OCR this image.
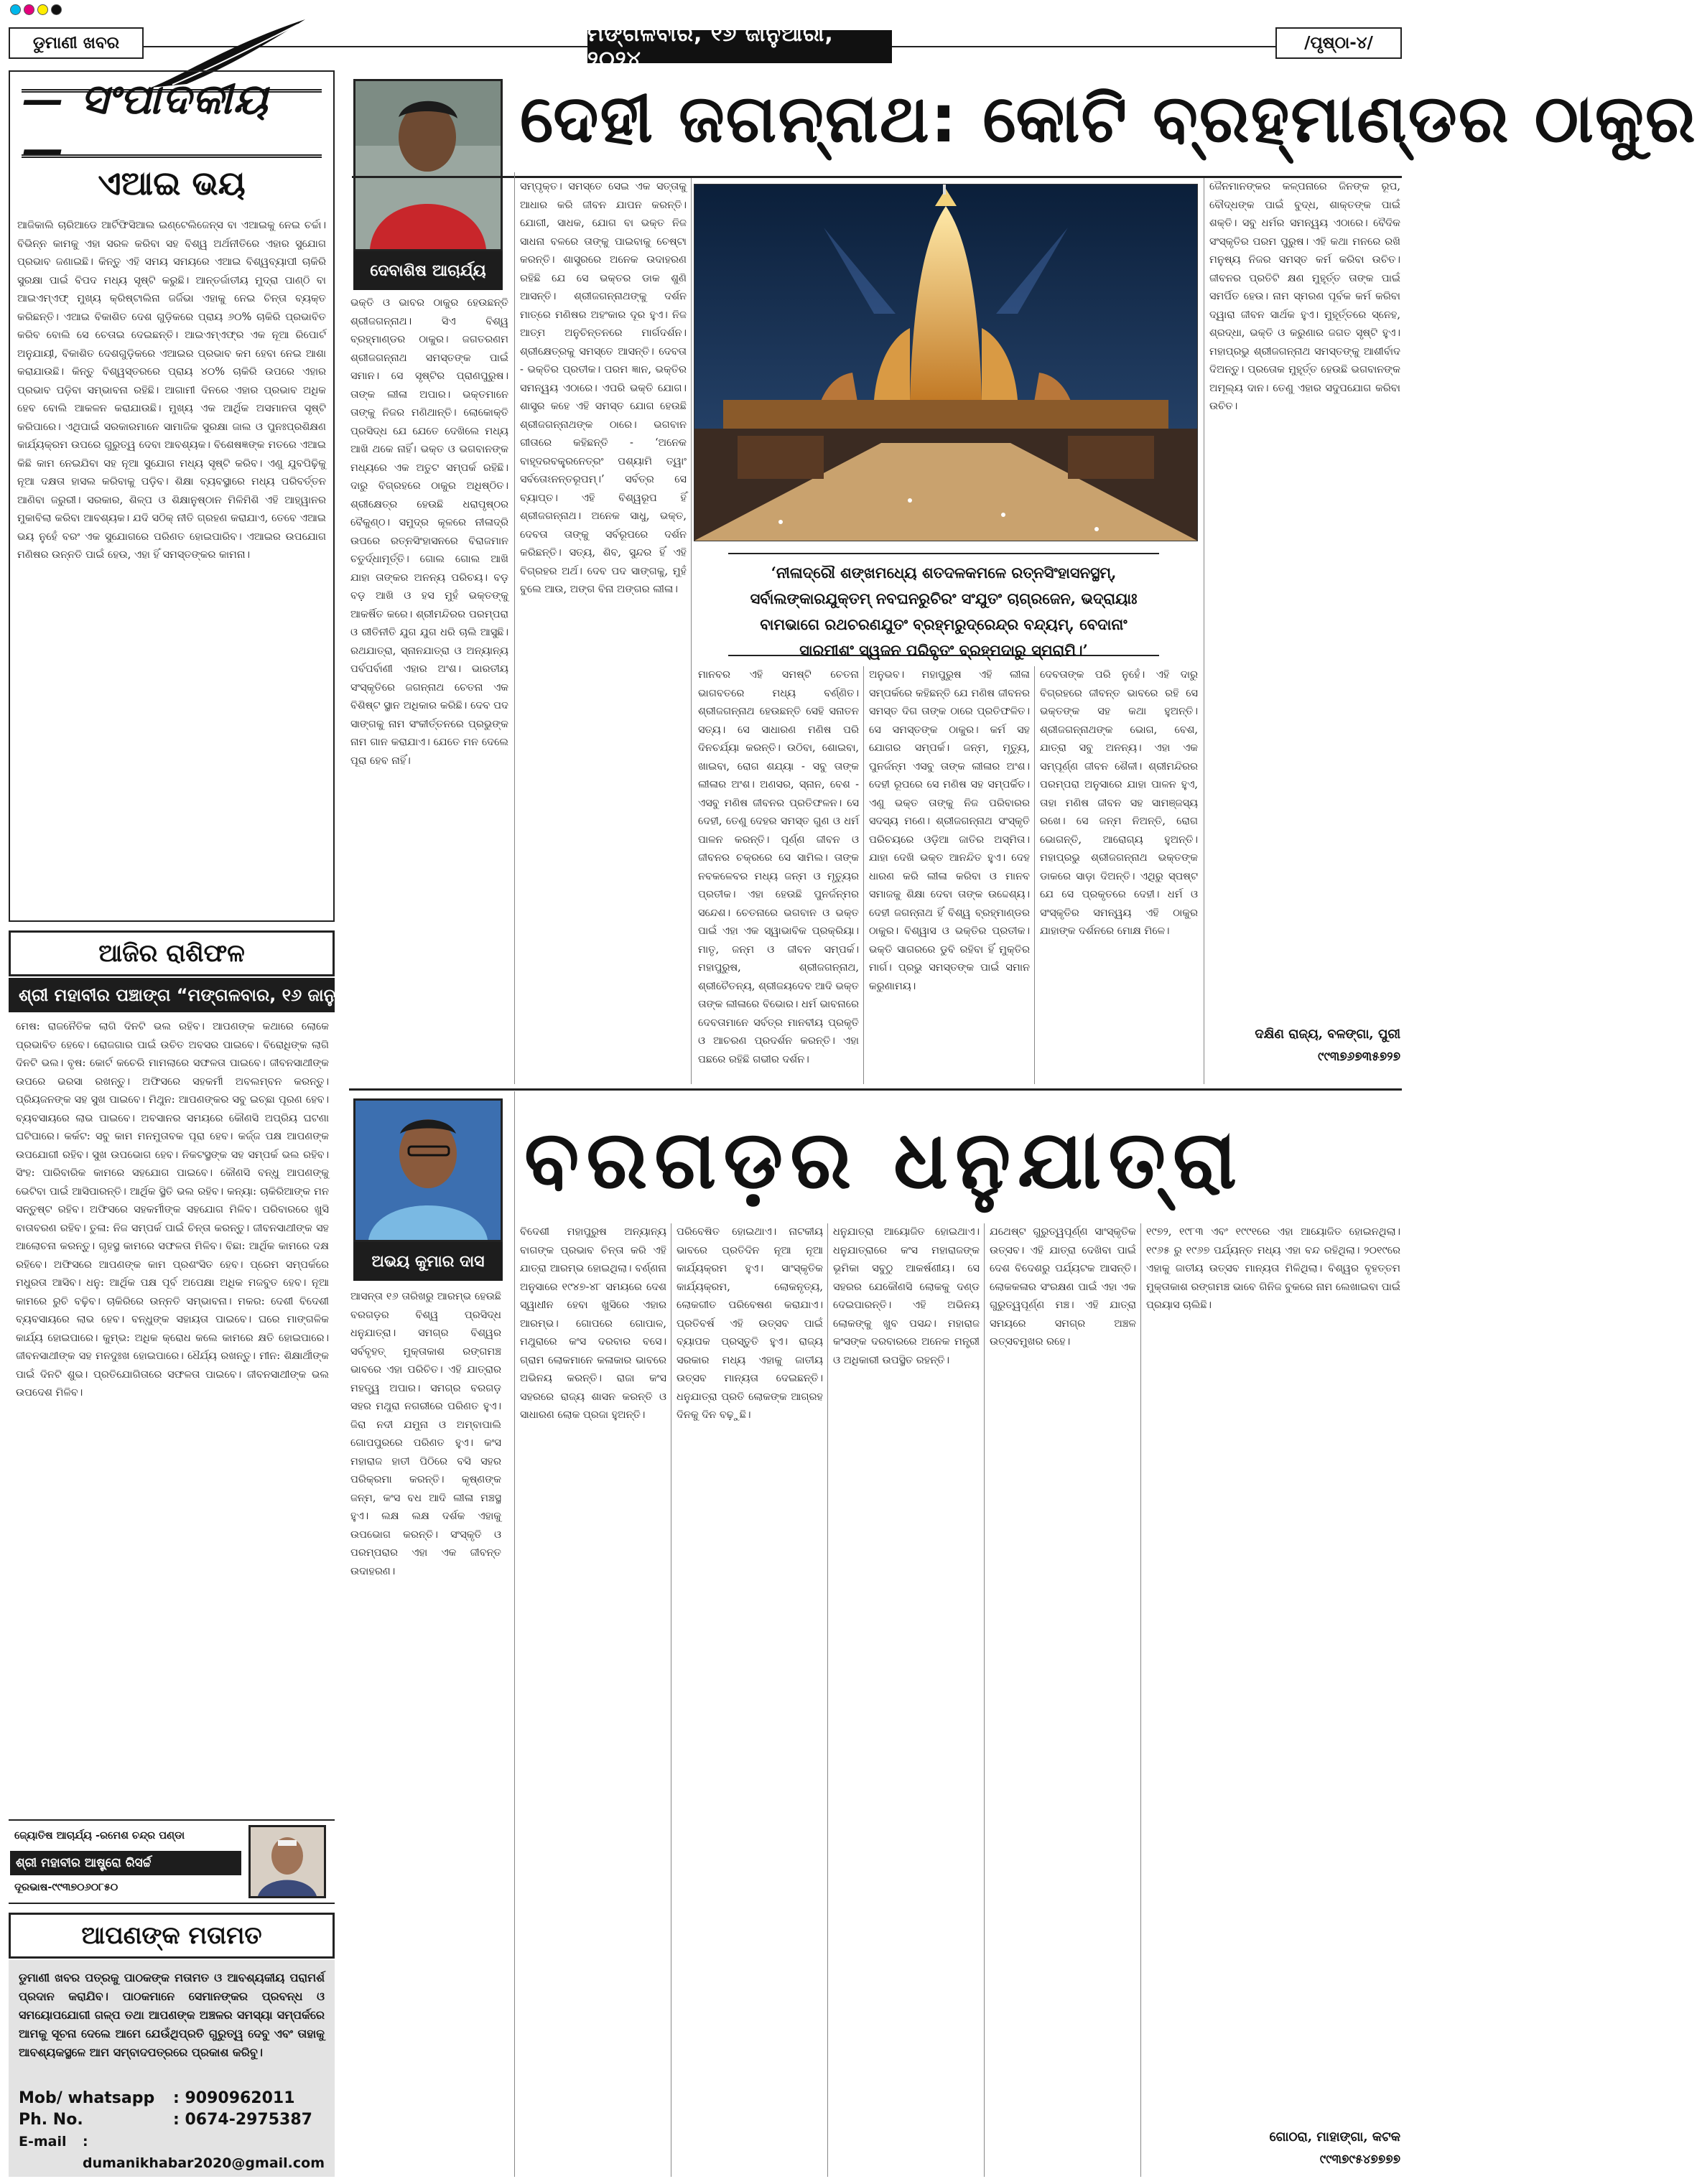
ଡୁମାଣୀ ଖବର	ମଙ୍ଗଳବାର, ୧୬ ଜାନୁଆରୀ, ୨୦୨୪
/ପୃଷ୍ଠା-୪/
— ସଂପାଦକୀୟ —
ଏଆଇ ଭୟ
ଆଜିକାଲି ଚାରିଆଡେ ଆର୍ଟିଫିସିଆଲ ଇଣ୍ଟେଲିଜେନ୍ସ ବା ଏଆଇକୁ ନେଇ ଚର୍ଚ୍ଚା। ବିଭିନ୍ନ କାମକୁ ଏହା ସରଳ କରିବା ସହ ବିଶ୍ୱ ଅର୍ଥନୀତିରେ ଏହାର ସୁଯୋଗ ପ୍ରଭାବ ଜଣାଇଛି। କିନ୍ତୁ ଏହି ସମୟ ସମୟରେ ଏଆଇ ବିଶ୍ୱବ୍ୟାପୀ ଚାକିରି ସୁରକ୍ଷା ପାଇଁ ବିପଦ ମଧ୍ୟ ସୃଷ୍ଟି କରୁଛି। ଆନ୍ତର୍ଜାତୀୟ ମୁଦ୍ରା ପାଣ୍ଠି ବା ଆଇଏମ୍ଏଫ୍ ମୁଖ୍ୟ କ୍ରିଷ୍ଟାଲିନା ଜର୍ଜିଭା ଏହାକୁ ନେଇ ଚିନ୍ତା ବ୍ୟକ୍ତ କରିଛନ୍ତି। ଏଆଇ ବିକାଶିତ ଦେଶ ଗୁଡ଼ିକରେ ପ୍ରାୟ ୬୦% ଚାକିରି ପ୍ରଭାବିତ କରିବ ବୋଲି ସେ ଚେତାଇ ଦେଇଛନ୍ତି। ଆଇଏମ୍ଏଫ୍‌ର ଏକ ନୂଆ ରିପୋର୍ଟ ଅନୁଯାୟୀ, ବିକାଶିତ ଦେଶଗୁଡ଼ିକରେ ଏଆଇର ପ୍ରଭାବ କମ ହେବା ନେଇ ଆଶା କରାଯାଉଛି। କିନ୍ତୁ ବିଶ୍ୱସ୍ତରରେ ପ୍ରାୟ ୪୦% ଚାକିରି ଉପରେ ଏହାର ପ୍ରଭାବ ପଡ଼ିବା ସମ୍ଭାବନା ରହିଛି। ଆଗାମୀ ଦିନରେ ଏହାର ପ୍ରଭାବ ଅଧିକ ହେବ ବୋଲି ଆକଳନ କରାଯାଉଛି। ମୁଖ୍ୟ ଏକ ଆର୍ଥିକ ଅସମାନତା ସୃଷ୍ଟି କରିପାରେ। ଏଥିପାଇଁ ସରକାରମାନେ ସାମାଜିକ ସୁରକ୍ଷା ଜାଲ ଓ ପୁନଃପ୍ରଶିକ୍ଷଣ କାର୍ଯ୍ୟକ୍ରମ ଉପରେ ଗୁରୁତ୍ୱ ଦେବା ଆବଶ୍ୟକ। ବିଶେଷଜ୍ଞଙ୍କ ମତରେ ଏଆଇ କିଛି କାମ ନେଇଯିବା ସହ ନୂଆ ସୁଯୋଗ ମଧ୍ୟ ସୃଷ୍ଟି କରିବ। ଏଣୁ ଯୁବପିଢ଼ିକୁ ନୂଆ ଦକ୍ଷତା ହାସଲ କରିବାକୁ ପଡ଼ିବ। ଶିକ୍ଷା ବ୍ୟବସ୍ଥାରେ ମଧ୍ୟ ପରିବର୍ତ୍ତନ ଆଣିବା ଜରୁରୀ। ସରକାର, ଶିଳ୍ପ ଓ ଶିକ୍ଷାନୁଷ୍ଠାନ ମିଳିମିଶି ଏହି ଆହ୍ୱାନର ମୁକାବିଲା କରିବା ଆବଶ୍ୟକ। ଯଦି ସଠିକ୍ ନୀତି ଗ୍ରହଣ କରାଯାଏ, ତେବେ ଏଆଇ ଭୟ ନୁହେଁ ବରଂ ଏକ ସୁଯୋଗରେ ପରିଣତ ହୋଇପାରିବ। ଏଆଇର ଉପଯୋଗ ମଣିଷର ଉନ୍ନତି ପାଇଁ ହେଉ, ଏହା ହିଁ ସମସ୍ତଙ୍କର କାମନା।
ଆଜିର ରାଶିଫଳ
ଶ୍ରୀ ମହାବୀର ପଞ୍ଚାଙ୍ଗ “ମଙ୍ଗଳବାର, ୧୬ ଜାନୁଆରୀ, ୨୦୨୪
ମେଷ: ରାଜନୈତିକ ଲାଗି ଦିନଟି ଭଲ ରହିବ। ଆପଣଙ୍କ କଥାରେ ଲୋକେ ପ୍ରଭାବିତ ହେବେ। ରୋଜଗାର ପାଇଁ ଉଚିତ ଅବସର ପାଇବେ। ବିରୋଧିଙ୍କ ଲାଗି ଦିନଟି ଭଲ। ବୃଷ: କୋର୍ଟ କଚେରି ମାମଲାରେ ସଫଳତା ପାଇବେ। ଜୀବନସାଥୀଙ୍କ ଉପରେ ଭରସା ରଖନ୍ତୁ। ଅଫିସରେ ସହକର୍ମୀ ଅବଲମ୍ବନ କରନ୍ତୁ। ପ୍ରିୟଜନଙ୍କ ସହ ସୁଖ ପାଇବେ। ମିଥୁନ: ଆପଣଙ୍କର ସବୁ ଇଚ୍ଛା ପୂରଣ ହେବ। ବ୍ୟବସାୟରେ ଲାଭ ପାଇବେ। ଅବସାନର ସମୟରେ କୌଣସି ଅପ୍ରିୟ ଘଟଣା ଘଟିପାରେ। କର୍କଟ: ସବୁ କାମ ମନମୁତାବକ ପୂରା ହେବ। କର୍ଜ୍ଜ ପକ୍ଷ ଆପଣଙ୍କ ଉପଯୋଗୀ ରହିବ। ସୁଖ ଉପଭୋଗ ହେବ। ନିକଟସ୍ଥଙ୍କ ସହ ସମ୍ପର୍କ ଭଲ ରହିବ। ସିଂହ: ପାରିବାରିକ କାମରେ ସହଯୋଗ ପାଇବେ। କୌଣସି ବନ୍ଧୁ ଆପଣଙ୍କୁ ଭେଟିବା ପାଇଁ ଆସିପାରନ୍ତି। ଆର୍ଥିକ ସ୍ଥିତି ଭଲ ରହିବ। କନ୍ୟା: ଚାକିରିଆଙ୍କ ମନ ସନ୍ତୁଷ୍ଟ ରହିବ। ଅଫିସରେ ସହକର୍ମୀଙ୍କ ସହଯୋଗ ମିଳିବ। ପରିବାରରେ ଖୁସି ବାତାବରଣ ରହିବ। ତୁଳା: ନିଜ ସମ୍ପର୍କ ପାଇଁ ଚିନ୍ତା କରନ୍ତୁ। ଜୀବନସାଥୀଙ୍କ ସହ ଆଲୋଚନା କରନ୍ତୁ। ଗୃହସ୍ଥ କାମରେ ସଫଳତା ମିଳିବ। ବିଛା: ଆର୍ଥିକ କାମରେ ଦକ୍ଷ ରହିବେ। ଅଫିସରେ ଆପଣଙ୍କ କାମ ପ୍ରଶଂସିତ ହେବ। ପ୍ରେମ ସମ୍ପର୍କରେ ମଧୁରତା ଆସିବ। ଧନୁ: ଆର୍ଥିକ ପକ୍ଷ ପୂର୍ବ ଅପେକ୍ଷା ଅଧିକ ମଜବୁତ ହେବ। ନୂଆ କାମରେ ରୁଚି ବଢ଼ିବ। ଚାକିରିରେ ଉନ୍ନତି ସମ୍ଭାବନା। ମକର: ଦେଶୀ ବିଦେଶୀ ବ୍ୟବସାୟରେ ଲାଭ ହେବ। ବନ୍ଧୁଙ୍କ ସହାୟତା ପାଇବେ। ଘରେ ମାଙ୍ଗଳିକ କାର୍ଯ୍ୟ ହୋଇପାରେ। କୁମ୍ଭ: ଅଧିକ କ୍ରୋଧ କଲେ କାମରେ କ୍ଷତି ହୋଇପାରେ। ଜୀବନସାଥୀଙ୍କ ସହ ମନଦୁଃଖ ହୋଇପାରେ। ଧୈର୍ଯ୍ୟ ରଖନ୍ତୁ। ମୀନ: ଶିକ୍ଷାର୍ଥୀଙ୍କ ପାଇଁ ଦିନଟି ଶୁଭ। ପ୍ରତିଯୋଗିତାରେ ସଫଳତା ପାଇବେ। ଜୀବନସାଥୀଙ୍କ ଭଲ ଉପଦେଶ ମିଳିବ।
ଜ୍ୟୋତିଷ ଆଚାର୍ଯ୍ୟ -ରମେଶ ଚନ୍ଦ୍ର ପଣ୍ଡା
ଶ୍ରୀ ମହାବୀର ଆଷ୍ଟ୍ରୋ ରିସର୍ଚ୍ଚ
ଦୂରଭାଷ-୯୯୩୭୦୬୦୮୫୦
ଆପଣଙ୍କ ମତାମତ
ଡୁମାଣୀ ଖବର ପତ୍ରକୁ ପାଠକଙ୍କ ମତାମତ ଓ ଆବଶ୍ୟକୀୟ ପରାମର୍ଶ ପ୍ରଦାନ କରାଯିବ। ପାଠକମାନେ ସେମାନଙ୍କର ପ୍ରବନ୍ଧ ଓ ସମୟୋପଯୋଗୀ ଗଳ୍ପ ତଥା ଆପଣଙ୍କ ଅଞ୍ଚଳର ସମସ୍ୟା ସମ୍ପର୍କରେ ଆମକୁ ସୂଚନା ଦେଲେ ଆମେ ଯେଉଁଥିପ୍ରତି ଗୁରୁତ୍ୱ ଦେବୁ ଏବଂ ତାହାକୁ ଆବଶ୍ୟକସ୍ଥଳେ ଆମ ସମ୍ବାଦପତ୍ରରେ ପ୍ରକାଶ କରିବୁ।
Mob/ whatsapp	: 9090962011
Ph. No.	: 0674-2975387
E-mail	: dumanikhabar2020@gmail.com
ଦେବାଶିଷ ଆଚାର୍ଯ୍ୟ
ଦେହୀ ଜଗନ୍ନାଥ: କୋଟି ବ୍ରହ୍ମାଣ୍ଡର ଠାକୁର
‘ନୀଳାଦ୍ରୌ ଶଙ୍ଖମଧ୍ୟେ ଶତଦଳକମଳେ ରତ୍ନସିଂହାସନସ୍ଥମ୍, ସର୍ବାଲଙ୍କାରଯୁକ୍ତମ୍ ନବଘନରୁଚିରଂ ସଂଯୁତଂ ଚାଗ୍ରଜେନ, ଭଦ୍ରାୟାଃ ବାମଭାଗେ ରଥଚରଣଯୁତଂ ବ୍ରହ୍ମରୁଦ୍ରେନ୍ଦ୍ର ବନ୍ଦ୍ୟମ୍, ବେଦାନାଂ ସାରମୀଶଂ ସ୍ୱଜନ ପରିବୃତଂ ବ୍ରହ୍ମଦାରୁ ସ୍ମରାମି।’
ଭକ୍ତି ଓ ଭାବର ଠାକୁର ହେଉଛନ୍ତି ଶ୍ରୀଜଗନ୍ନାଥ। ସିଏ ବିଶ୍ୱ ବ୍ରହ୍ମାଣ୍ଡର ଠାକୁର। ଜଗତରଣମ ଶ୍ରୀଜଗନ୍ନାଥ ସମସ୍ତଙ୍କ ପାଇଁ ସମାନ। ସେ ସୃଷ୍ଟିର ପ୍ରାଣପୁରୁଷ। ତାଙ୍କ ଲୀଳା ଅପାର। ଭକ୍ତମାନେ ତାଙ୍କୁ ନିଜର ମଣିଥାନ୍ତି। ଲୋକୋକ୍ତି ପ୍ରସିଦ୍ଧ ଯେ ଯେତେ ଦେଖିଲେ ମଧ୍ୟ ଆଖି ଥକେ ନାହିଁ। ଭକ୍ତ ଓ ଭଗବାନଙ୍କ ମଧ୍ୟରେ ଏକ ଅତୁଟ ସମ୍ପର୍କ ରହିଛି। ଦାରୁ ବିଗ୍ରହରେ ଠାକୁର ଅଧିଷ୍ଠିତ। ଶ୍ରୀକ୍ଷେତ୍ର ହେଉଛି ଧରାପୃଷ୍ଠର ବୈକୁଣ୍ଠ। ସମୁଦ୍ର କୂଳରେ ନୀଳାଦ୍ରି ଉପରେ ରତ୍ନସିଂହାସନରେ ବିରାଜମାନ ଚତୁର୍ଦ୍ଧାମୂର୍ତ୍ତି। ଗୋଲ ଗୋଲ ଆଖି ଯାହା ତାଙ୍କର ଅନନ୍ୟ ପରିଚୟ। ବଡ଼ ବଡ଼ ଆଖି ଓ ହସ ମୁହଁ ଭକ୍ତଙ୍କୁ ଆକର୍ଷିତ କରେ। ଶ୍ରୀମନ୍ଦିରର ପରମ୍ପରା ଓ ରୀତିନୀତି ଯୁଗ ଯୁଗ ଧରି ଚାଲି ଆସୁଛି। ରଥଯାତ୍ରା, ସ୍ନାନଯାତ୍ରା ଓ ଅନ୍ୟାନ୍ୟ ପର୍ବପର୍ବାଣୀ ଏହାର ଅଂଶ। ଭାରତୀୟ ସଂସ୍କୃତିରେ ଜଗନ୍ନାଥ ଚେତନା ଏକ ବିଶିଷ୍ଟ ସ୍ଥାନ ଅଧିକାର କରିଛି। ଦେବ ପଦ ସାଙ୍ଗକୁ ନାମ ସଂକୀର୍ତ୍ତନରେ ପ୍ରଭୁଙ୍କ ନାମ ଗାନ କରାଯାଏ। ଯେତେ ମନ ଦେଲେ ପୂରା ହେବ ନାହିଁ।
ସମ୍ପୃକ୍ତ। ସମସ୍ତେ ସେଇ ଏକ ସତ୍ତାକୁ ଆଧାର କରି ଜୀବନ ଯାପନ କରନ୍ତି। ଯୋଗୀ, ସାଧକ, ଯୋଗ ବା ଭକ୍ତ ନିଜ ସାଧନା ବଳରେ ତାଙ୍କୁ ପାଇବାକୁ ଚେଷ୍ଟା କରନ୍ତି। ଶାସ୍ତ୍ରରେ ଅନେକ ଉଦାହରଣ ରହିଛି ଯେ ସେ ଭକ୍ତର ଡାକ ଶୁଣି ଆସନ୍ତି। ଶ୍ରୀଜଗନ୍ନାଥଙ୍କୁ ଦର୍ଶନ ମାତ୍ରେ ମଣିଷର ଅହଂକାର ଦୂର ହୁଏ। ନିଜ ଆତ୍ମ ଅନୁଚିନ୍ତନରେ ମାର୍ଗଦର୍ଶନ। ଶ୍ରୀକ୍ଷେତ୍ରକୁ ସମସ୍ତେ ଆସନ୍ତି। ଦେବତା - ଭକ୍ତିର ପ୍ରତୀକ। ପରମ ଜ୍ଞାନ, ଭକ୍ତିର ସମନ୍ୱୟ ଏଠାରେ। ଏପରି ଭକ୍ତି ଯୋଗ। ଶାସ୍ତ୍ର କହେ ଏହି ସମସ୍ତ ଯୋଗ ହେଉଛି ଶ୍ରୀଜଗନ୍ନାଥଙ୍କ ଠାରେ। ଭଗବାନ ଗୀତାରେ କହିଛନ୍ତି - ‘ଅନେକ ବାହୂଦରବକ୍ତ୍ରନେତ୍ରଂ ପଶ୍ୟାମି ତ୍ୱାଂ ସର୍ବତୋଽନନ୍ତରୂପମ୍।’ ସର୍ବତ୍ର ସେ ବ୍ୟାପ୍ତ। ଏହି ବିଶ୍ୱରୂପ ହିଁ ଶ୍ରୀଜଗନ୍ନାଥ। ଅନେକ ସାଧୁ, ଭକ୍ତ, ଦେବତା ତାଙ୍କୁ ସର୍ବରୂପରେ ଦର୍ଶନ କରିଛନ୍ତି। ସତ୍ୟ, ଶିବ, ସୁନ୍ଦର ହିଁ ଏହି ବିଗ୍ରହର ଅର୍ଥ। ଦେବ ପଦ ସାଙ୍ଗକୁ, ମୁହଁ ବୁଲେ ଆଉ, ଅଙ୍ଗ ବିନା ଅଙ୍ଗର ଲୀଳା।
ମାନବର ଏହି ସମଷ୍ଟି ଚେତନା ଭାଗବତରେ ମଧ୍ୟ ବର୍ଣ୍ଣିତ। ଶ୍ରୀଜଗନ୍ନାଥ ହେଉଛନ୍ତି ସେହି ସନାତନ ସତ୍ୟ। ସେ ସାଧାରଣ ମଣିଷ ପରି ଦିନଚର୍ଯ୍ୟା କରନ୍ତି। ଉଠିବା, ଶୋଇବା, ଖାଇବା, ରୋଗ ଶଯ୍ୟା - ସବୁ ତାଙ୍କ ଲୀଳାର ଅଂଶ। ଅଣସର, ସ୍ନାନ, ବେଶ - ଏସବୁ ମଣିଷ ଜୀବନର ପ୍ରତିଫଳନ। ସେ ଦେହୀ, ତେଣୁ ଦେହର ସମସ୍ତ ଗୁଣ ଓ ଧର୍ମ ପାଳନ କରନ୍ତି। ପୂର୍ଣ୍ଣ ଜୀବନ ଓ ଜୀବନର ଚକ୍ରରେ ସେ ସାମିଲ। ତାଙ୍କ ନବକଳେବର ମଧ୍ୟ ଜନ୍ମ ଓ ମୃତ୍ୟୁର ପ୍ରତୀକ। ଏହା ହେଉଛି ପୁନର୍ଜନ୍ମର ସନ୍ଦେଶ। ଚେତନାରେ ଭଗବାନ ଓ ଭକ୍ତ ପାଇଁ ଏହା ଏକ ସ୍ୱାଭାବିକ ପ୍ରକ୍ରିୟା। ମାତୃ, ଜନ୍ମ ଓ ଜୀବନ ସମ୍ପର୍କ। ମହାପୁରୁଷ, ଶ୍ରୀଜଗନ୍ନାଥ, ଶ୍ରୀଚୈତନ୍ୟ, ଶ୍ରୀଜୟଦେବ ଆଦି ଭକ୍ତ ତାଙ୍କ ଲୀଳାରେ ବିଭୋର। ଧର୍ମ ଭାବନାରେ ଦେବତାମାନେ ସର୍ବତ୍ର ମାନବୀୟ ପ୍ରକୃତି ଓ ଆଚରଣ ପ୍ରଦର୍ଶନ କରନ୍ତି। ଏହା ପଛରେ ରହିଛି ଗଭୀର ଦର୍ଶନ।
ଅନୁଭବ। ମହାପୁରୁଷ ଏହି ଲୀଳା ସମ୍ପର୍କରେ କହିଛନ୍ତି ଯେ ମଣିଷ ଜୀବନର ସମସ୍ତ ଦିଗ ତାଙ୍କ ଠାରେ ପ୍ରତିଫଳିତ। ସେ ସମସ୍ତଙ୍କ ଠାକୁର। କର୍ମ ସହ ଯୋଗର ସମ୍ପର୍କ। ଜନ୍ମ, ମୃତ୍ୟୁ, ପୁନର୍ଜନ୍ମ ଏସବୁ ତାଙ୍କ ଲୀଳାର ଅଂଶ। ଦେହୀ ରୂପରେ ସେ ମଣିଷ ସହ ସମ୍ପର୍କିତ। ଏଣୁ ଭକ୍ତ ତାଙ୍କୁ ନିଜ ପରିବାରର ସଦସ୍ୟ ମଣେ। ଶ୍ରୀଜଗନ୍ନାଥ ସଂସ୍କୃତି ପରିଚୟରେ ଓଡ଼ିଆ ଜାତିର ଅସ୍ମିତା। ଯାହା ଦେଖି ଭକ୍ତ ଆନନ୍ଦିତ ହୁଏ। ଦେହ ଧାରଣ କରି ଲୀଳା କରିବା ଓ ମାନବ ସମାଜକୁ ଶିକ୍ଷା ଦେବା ତାଙ୍କ ଉଦ୍ଦେଶ୍ୟ। ଦେହୀ ଜଗନ୍ନାଥ ହିଁ ବିଶ୍ୱ ବ୍ରହ୍ମାଣ୍ଡର ଠାକୁର। ବିଶ୍ୱାସ ଓ ଭକ୍ତିର ପ୍ରତୀକ। ଭକ୍ତି ସାଗରରେ ଡୁବି ରହିବା ହିଁ ମୁକ୍ତିର ମାର୍ଗ। ପ୍ରଭୁ ସମସ୍ତଙ୍କ ପାଇଁ ସମାନ କରୁଣାମୟ।
ଦେବତାଙ୍କ ପରି ନୁହେଁ। ଏହି ଦାରୁ ବିଗ୍ରହରେ ଜୀବନ୍ତ ଭାବରେ ରହି ସେ ଭକ୍ତଙ୍କ ସହ କଥା ହୁଅନ୍ତି। ଶ୍ରୀଜଗନ୍ନାଥଙ୍କ ଭୋଗ, ବେଶ, ଯାତ୍ରା ସବୁ ଅନନ୍ୟ। ଏହା ଏକ ସମ୍ପୂର୍ଣ୍ଣ ଜୀବନ ଶୈଳୀ। ଶ୍ରୀମନ୍ଦିରର ପରମ୍ପରା ଅନୁସାରେ ଯାହା ପାଳନ ହୁଏ, ତାହା ମଣିଷ ଜୀବନ ସହ ସାମଞ୍ଜସ୍ୟ ରଖେ। ସେ ଜନ୍ମ ନିଅନ୍ତି, ରୋଗ ଭୋଗନ୍ତି, ଆରୋଗ୍ୟ ହୁଅନ୍ତି। ମହାପ୍ରଭୁ ଶ୍ରୀଜଗନ୍ନାଥ ଭକ୍ତଙ୍କ ଡାକରେ ସାଡ଼ା ଦିଅନ୍ତି। ଏଥିରୁ ସ୍ପଷ୍ଟ ଯେ ସେ ପ୍ରକୃତରେ ଦେହୀ। ଧର୍ମ ଓ ସଂସ୍କୃତିର ସମନ୍ୱୟ ଏହି ଠାକୁର ଯାହାଙ୍କ ଦର୍ଶନରେ ମୋକ୍ଷ ମିଳେ।
ଜୈନମାନଙ୍କର କଳ୍ପନାରେ ଜିନଙ୍କ ରୂପ, ବୌଦ୍ଧଙ୍କ ପାଇଁ ବୁଦ୍ଧ, ଶାକ୍ତଙ୍କ ପାଇଁ ଶକ୍ତି। ସବୁ ଧର୍ମର ସମନ୍ୱୟ ଏଠାରେ। ବୈଦିକ ସଂସ୍କୃତିର ପରମ ପୁରୁଷ। ଏହି କଥା ମନରେ ରଖି ମନୁଷ୍ୟ ନିଜର ସମସ୍ତ କର୍ମ କରିବା ଉଚିତ। ଜୀବନର ପ୍ରତିଟି କ୍ଷଣ ମୁହୂର୍ତ୍ତ ତାଙ୍କ ପାଇଁ ସମର୍ପିତ ହେଉ। ନାମ ସ୍ମରଣ ପୂର୍ବକ କର୍ମ କରିବା ଦ୍ୱାରା ଜୀବନ ସାର୍ଥକ ହୁଏ। ମୁହୂର୍ତ୍ତରେ ସ୍ନେହ, ଶ୍ରଦ୍ଧା, ଭକ୍ତି ଓ କରୁଣାର ଜଗତ ସୃଷ୍ଟି ହୁଏ। ମହାପ୍ରଭୁ ଶ୍ରୀଜଗନ୍ନାଥ ସମସ୍ତଙ୍କୁ ଆଶୀର୍ବାଦ ଦିଅନ୍ତୁ। ପ୍ରତୋକ ମୁହୂର୍ତ୍ତ ହେଉଛି ଭଗବାନଙ୍କ ଅମୂଲ୍ୟ ଦାନ। ତେଣୁ ଏହାର ସଦୁପଯୋଗ କରିବା ଉଚିତ।
ଦକ୍ଷିଣ ରାଜ୍ୟ, ବଳଙ୍ଗା, ପୁରୀ
୯୯୩୭୬୭୩୫୭୨୭
ଅଭୟ କୁମାର ଦାସ
ବରଗଡ଼ର ଧନୁଯାତ୍ରା
ଆସନ୍ତା ୧୬ ତାରିଖରୁ ଆରମ୍ଭ ହେଉଛି ବରଗଡ଼ର ବିଶ୍ୱ ପ୍ରସିଦ୍ଧ ଧନୁଯାତ୍ରା। ସମଗ୍ର ବିଶ୍ୱର ସର୍ବବୃହତ୍ ମୁକ୍ତାକାଶ ରଙ୍ଗମଞ୍ଚ ଭାବରେ ଏହା ପରିଚିତ। ଏହି ଯାତ୍ରାର ମହତ୍ତ୍ୱ ଅପାର। ସମଗ୍ର ବରଗଡ଼ ସହର ମଥୁରା ନଗରୀରେ ପରିଣତ ହୁଏ। ଜିରା ନଦୀ ଯମୁନା ଓ ଅମ୍ବାପାଲି ଗୋପପୁରରେ ପରିଣତ ହୁଏ। କଂସ ମହାରାଜ ହାତୀ ପିଠିରେ ବସି ସହର ପରିକ୍ରମା କରନ୍ତି। କୃଷ୍ଣଙ୍କ ଜନ୍ମ, କଂସ ବଧ ଆଦି ଲୀଳା ମଞ୍ଚସ୍ଥ ହୁଏ। ଲକ୍ଷ ଲକ୍ଷ ଦର୍ଶକ ଏହାକୁ ଉପଭୋଗ କରନ୍ତି। ସଂସ୍କୃତି ଓ ପରମ୍ପରାର ଏହା ଏକ ଜୀବନ୍ତ ଉଦାହରଣ।
ବିଦେଶୀ ମହାପୁରୁଷ ଅନ୍ୟାନ୍ୟ ବାଗଙ୍କ ପ୍ରଭାବ ଚିନ୍ତା କରି ଏହି ଯାତ୍ରା ଆରମ୍ଭ ହୋଇଥିଲା। ବର୍ଣ୍ଣନା ଅନୁସାରେ ୧୯୪୭-୪୮ ସମୟରେ ଦେଶ ସ୍ୱାଧୀନ ହେବା ଖୁସିରେ ଏହାର ଆରମ୍ଭ। ଗୋପରେ ଗୋପାଳ, ମଥୁରାରେ କଂସ ଦରବାର ବସେ। ଗ୍ରାମ ଲୋକମାନେ କଳାକାର ଭାବରେ ଅଭିନୟ କରନ୍ତି। ରାଜା କଂସ ସହରରେ ରାଜ୍ୟ ଶାସନ କରନ୍ତି ଓ ସାଧାରଣ ଲୋକ ପ୍ରଜା ହୁଅନ୍ତି।
ପରିବେଷିତ ହୋଇଥାଏ। ନାଟକୀୟ ଭାବରେ ପ୍ରତିଦିନ ନୂଆ ନୂଆ କାର୍ଯ୍ୟକ୍ରମ ହୁଏ। ସାଂସ୍କୃତିକ କାର୍ଯ୍ୟକ୍ରମ, ଲୋକନୃତ୍ୟ, ଲୋକଗୀତ ପରିବେଷଣ କରାଯାଏ। ପ୍ରତିବର୍ଷ ଏହି ଉତ୍ସବ ପାଇଁ ବ୍ୟାପକ ପ୍ରସ୍ତୁତି ହୁଏ। ରାଜ୍ୟ ସରକାର ମଧ୍ୟ ଏହାକୁ ଜାତୀୟ ଉତ୍ସବ ମାନ୍ୟତା ଦେଇଛନ୍ତି। ଧନୁଯାତ୍ରା ପ୍ରତି ଲୋକଙ୍କ ଆଗ୍ରହ ଦିନକୁ ଦିନ ବଢ଼ୁଛି।
ଧନୁଯାତ୍ରା ଆୟୋଜିତ ହୋଇଥାଏ। ଧନୁଯାତ୍ରାରେ କଂସ ମହାରାଜଙ୍କ ଭୂମିକା ସବୁଠୁ ଆକର୍ଷଣୀୟ। ସେ ସହରର ଯେକୌଣସି ଲୋକକୁ ଦଣ୍ଡ ଦେଇପାରନ୍ତି। ଏହି ଅଭିନୟ ଲୋକଙ୍କୁ ଖୁବ ପସନ୍ଦ। ମହାରାଜ କଂସଙ୍କ ଦରବାରରେ ଅନେକ ମନ୍ତ୍ରୀ ଓ ଅଧିକାରୀ ଉପସ୍ଥିତ ରହନ୍ତି।
ଯଥେଷ୍ଟ ଗୁରୁତ୍ୱପୂର୍ଣ୍ଣ ସାଂସ୍କୃତିକ ଉତ୍ସବ। ଏହି ଯାତ୍ରା ଦେଖିବା ପାଇଁ ଦେଶ ବିଦେଶରୁ ପର୍ଯ୍ୟଟକ ଆସନ୍ତି। ଲୋକକଳାର ସଂରକ୍ଷଣ ପାଇଁ ଏହା ଏକ ଗୁରୁତ୍ୱପୂର୍ଣ୍ଣ ମଞ୍ଚ। ଏହି ଯାତ୍ରା ସମୟରେ ସମଗ୍ର ଅଞ୍ଚଳ ଉତ୍ସବମୁଖର ରହେ।
୧୯୭୨, ୧୯୮୩ ଏବଂ ୧୯୯୧ରେ ଏହା ଆୟୋଜିତ ହୋଇନଥିଲା। ୧୯୬୫ ରୁ ୧୯୬୭ ପର୍ଯ୍ୟନ୍ତ ମଧ୍ୟ ଏହା ବନ୍ଦ ରହିଥିଲା। ୨୦୧୯ରେ ଏହାକୁ ଜାତୀୟ ଉତ୍ସବ ମାନ୍ୟତା ମିଳିଥିଲା। ବିଶ୍ୱର ବୃହତ୍ତମ ମୁକ୍ତାକାଶ ରଙ୍ଗମଞ୍ଚ ଭାବେ ଗିନିଜ ବୁକରେ ନାମ ଲେଖାଇବା ପାଇଁ ପ୍ରୟାସ ଚାଲିଛି।
ଗୋଠରା, ମାହାଙ୍ଗା, କଟକ
୯୯୩୭୯୫୪୭୭୭୭
